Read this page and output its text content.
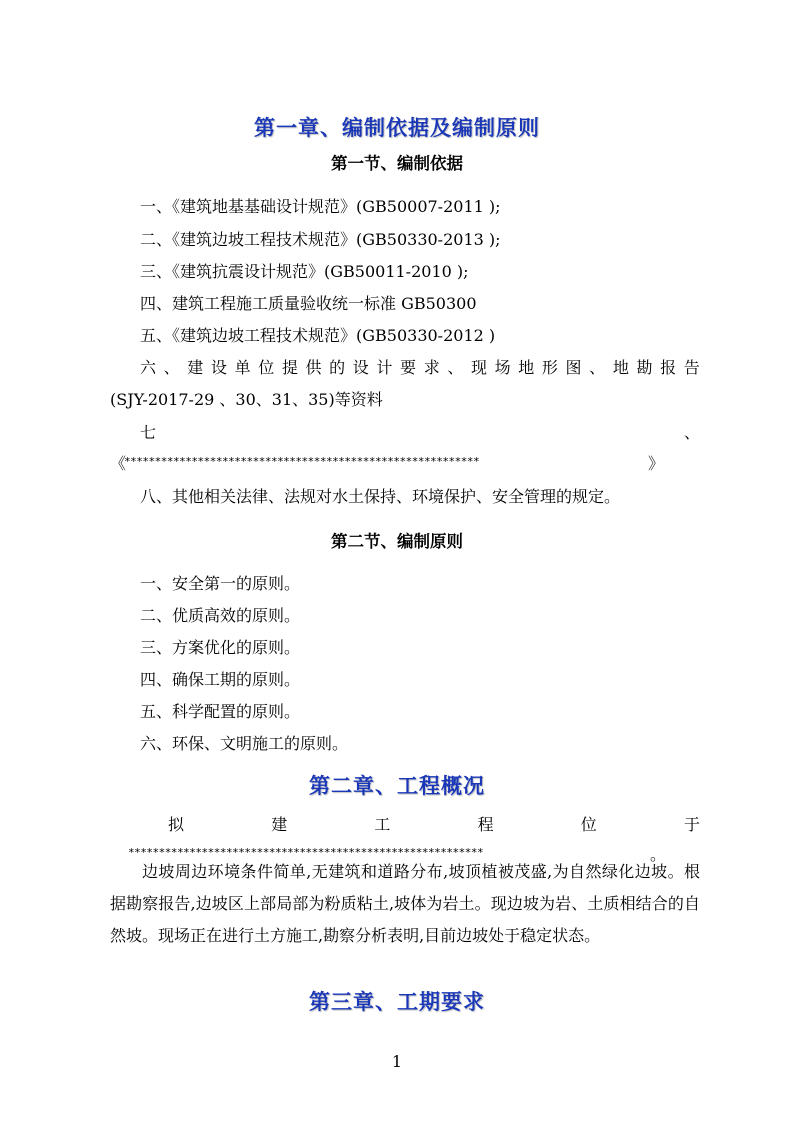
第一章、编制依据及编制原则
第一节、编制依据
一、《建筑地基基础设计规范》(GB50007-2011 );
二、《建筑边坡工程技术规范》(GB50330-2013 );
三、《建筑抗震设计规范》(GB50011-2010 );
四、建筑工程施工质量验收统一标准 GB50300
五、《建筑边坡工程技术规范》(GB50330-2012 )
六 、 建 设 单 位 提 供 的 设 计 要 求 、 现 场 地 形 图 、 地 勘 报 告
(SJY-2017-29 、30、31、35)等资料
七	、
《
**********************************************************	》
八、其他相关法律、法规对水土保持、环境保护、安全管理的规定。
第二节、编制原则
一、安全第一的原则。
二、优质高效的原则。
三、方案优化的原则。
四、确保工期的原则。
五、科学配置的原则。
六、环保、文明施工的原则。
第二章、工程概况
拟	建	工	程	位	于
**********************************************************	。
边坡周边环境条件简单,无建筑和道路分布,坡顶植被茂盛,为自然绿化边坡。根据勘察报告,边坡区上部局部为粉质粘土,坡体为岩土。现边坡为岩、土质相结合的自然坡。现场正在进行土方施工,勘察分析表明,目前边坡处于稳定状态。
第三章、工期要求
1
